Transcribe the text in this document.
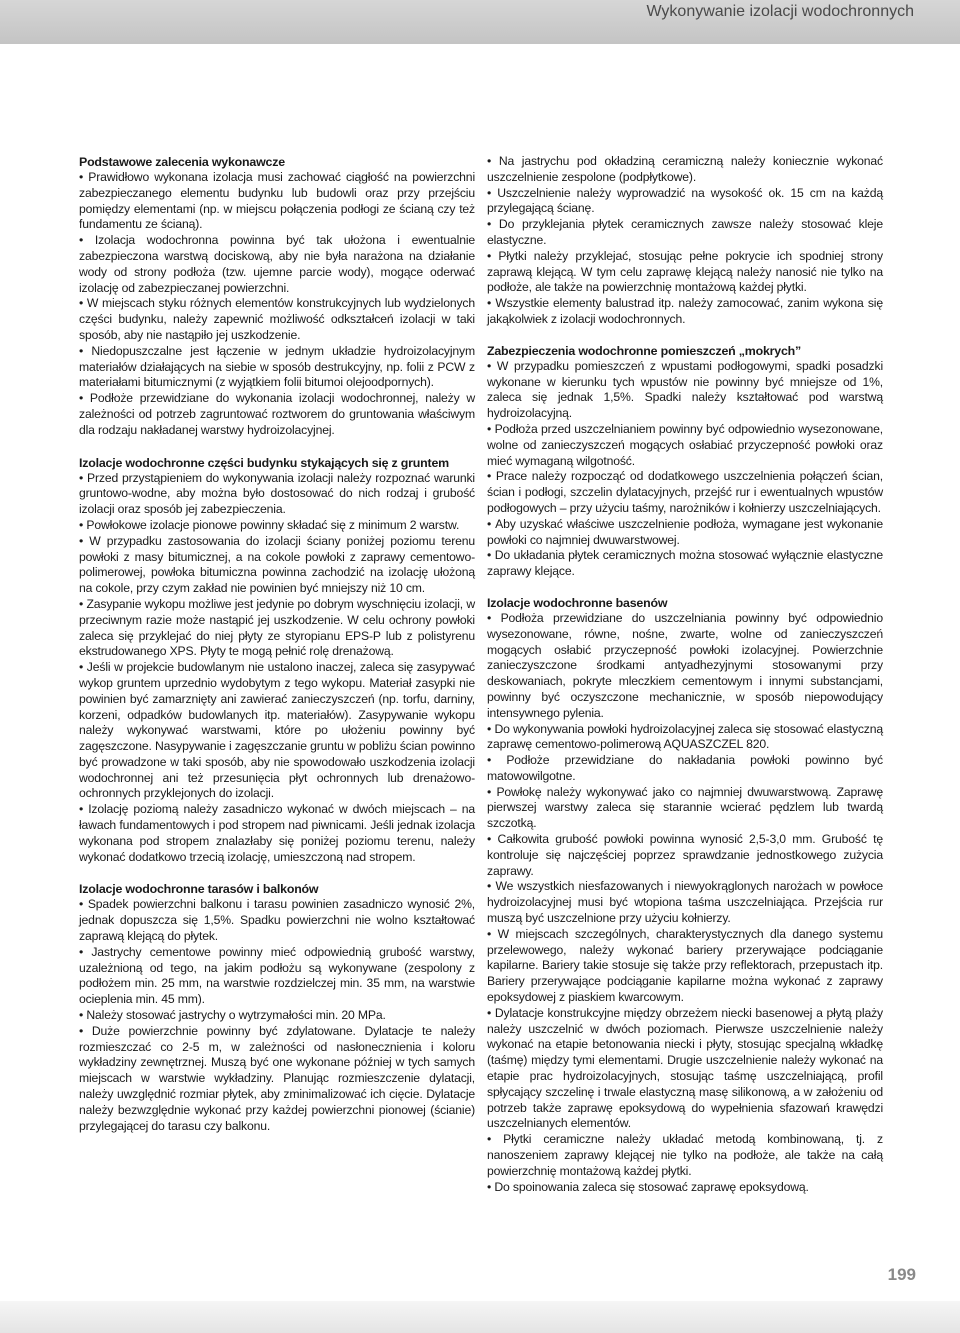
Wykonywanie izolacji wodochronnych
Podstawowe zalecenia wykonawcze
• Prawidłowo wykonana izolacja musi zachować ciągłość na powierzchni zabezpieczanego elementu budynku lub budowli oraz przy przejściu pomiędzy elementami (np. w miejscu połączenia podłogi ze ścianą czy też fundamentu ze ścianą).
• Izolacja wodochronna powinna być tak ułożona i ewentualnie zabezpieczona warstwą dociskową, aby nie była narażona na działanie wody od strony podłoża (tzw. ujemne parcie wody), mogące oderwać izolację od zabezpieczanej powierzchni.
• W miejscach styku różnych elementów konstrukcyjnych lub wydzielonych części budynku, należy zapewnić możliwość odkształceń izolacji w taki sposób, aby nie nastąpiło jej uszkodzenie.
• Niedopuszczalne jest łączenie w jednym układzie hydroizolacyjnym materiałów działających na siebie w sposób destrukcyjny, np. folii z PCW z materiałami bitumicznymi (z wyjątkiem folii bitumoi olejoodpornych).
• Podłoże przewidziane do wykonania izolacji wodochronnej, należy w zależności od potrzeb zagruntować roztworem do gruntowania właściwym dla rodzaju nakładanej warstwy hydroizolacyjnej.
Izolacje wodochronne części budynku stykających się z gruntem
• Przed przystąpieniem do wykonywania izolacji należy rozpoznać warunki gruntowo-wodne, aby można było dostosować do nich rodzaj i grubość izolacji oraz sposób jej zabezpieczenia.
• Powłokowe izolacje pionowe powinny składać się z minimum 2 warstw.
• W przypadku zastosowania do izolacji ściany poniżej poziomu terenu powłoki z masy bitumicznej, a na cokole powłoki z zaprawy cementowo-polimerowej, powłoka bitumiczna powinna zachodzić na izolację ułożoną na cokole, przy czym zakład nie powinien być mniejszy niż 10 cm.
• Zasypanie wykopu możliwe jest jedynie po dobrym wyschnięciu izolacji, w przeciwnym razie może nastąpić jej uszkodzenie. W celu ochrony powłoki zaleca się przyklejać do niej płyty ze styropianu EPS-P lub z polistyrenu ekstrudowanego XPS. Płyty te mogą pełnić rolę drenażową.
• Jeśli w projekcie budowlanym nie ustalono inaczej, zaleca się zasypywać wykop gruntem uprzednio wydobytym z tego wykopu. Materiał zasypki nie powinien być zamarznięty ani zawierać zanieczyszczeń (np. torfu, darniny, korzeni, odpadków budowlanych itp. materiałów). Zasypywanie wykopu należy wykonywać warstwami, które po ułożeniu powinny być zagęszczone. Nasypywanie i zagęszczanie gruntu w pobliżu ścian powinno być prowadzone w taki sposób, aby nie spowodowało uszkodzenia izolacji wodochronnej ani też przesunięcia płyt ochronnych lub drenażowo-ochronnych przyklejonych do izolacji.
• Izolację poziomą należy zasadniczo wykonać w dwóch miejscach – na ławach fundamentowych i pod stropem nad piwnicami. Jeśli jednak izolacja wykonana pod stropem znalazłaby się poniżej poziomu terenu, należy wykonać dodatkowo trzecią izolację, umieszczoną nad stropem.
Izolacje wodochronne tarasów i balkonów
• Spadek powierzchni balkonu i tarasu powinien zasadniczo wynosić 2%, jednak dopuszcza się 1,5%. Spadku powierzchni nie wolno kształtować zaprawą klejącą do płytek.
• Jastrychy cementowe powinny mieć odpowiednią grubość warstwy, uzależnioną od tego, na jakim podłożu są wykonywane (zespolony z podłożem min. 25 mm, na warstwie rozdzielczej min. 35 mm, na warstwie ocieplenia min. 45 mm).
• Należy stosować jastrychy o wytrzymałości min. 20 MPa.
• Duże powierzchnie powinny być zdylatowane. Dylatacje te należy rozmieszczać co 2-5 m, w zależności od nasłonecznienia i koloru wykładziny zewnętrznej. Muszą być one wykonane później w tych samych miejscach w warstwie wykładziny. Planując rozmieszczenie dylatacji, należy uwzględnić rozmiar płytek, aby zminimalizować ich cięcie. Dylatacje należy bezwzględnie wykonać przy każdej powierzchni pionowej (ścianie) przylegającej do tarasu czy balkonu.
• Na jastrychu pod okładziną ceramiczną należy koniecznie wykonać uszczelnienie zespolone (podpłytkowe).
• Uszczelnienie należy wyprowadzić na wysokość ok. 15 cm na każdą przylegającą ścianę.
• Do przyklejania płytek ceramicznych zawsze należy stosować kleje elastyczne.
• Płytki należy przyklejać, stosując pełne pokrycie ich spodniej strony zaprawą klejącą. W tym celu zaprawę klejącą należy nanosić nie tylko na podłoże, ale także na powierzchnię montażową każdej płytki.
• Wszystkie elementy balustrad itp. należy zamocować, zanim wykona się jakąkolwiek z izolacji wodochronnych.
Zabezpieczenia wodochronne pomieszczeń „mokrych”
• W przypadku pomieszczeń z wpustami podłogowymi, spadki posadzki wykonane w kierunku tych wpustów nie powinny być mniejsze od 1%, zaleca się jednak 1,5%. Spadki należy kształtować pod warstwą hydroizolacyjną.
• Podłoża przed uszczelnianiem powinny być odpowiednio wysezonowane, wolne od zanieczyszczeń mogących osłabiać przyczepność powłoki oraz mieć wymaganą wilgotność.
• Prace należy rozpocząć od dodatkowego uszczelnienia połączeń ścian, ścian i podłogi, szczelin dylatacyjnych, przejść rur i ewentualnych wpustów podłogowych – przy użyciu taśmy, narożników i kołnierzy uszczelniających.
• Aby uzyskać właściwe uszczelnienie podłoża, wymagane jest wykonanie powłoki co najmniej dwuwarstwowej.
• Do układania płytek ceramicznych można stosować wyłącznie elastyczne zaprawy klejące.
Izolacje wodochronne basenów
• Podłoża przewidziane do uszczelniania powinny być odpowiednio wysezonowane, równe, nośne, zwarte, wolne od zanieczyszczeń mogących osłabić przyczepność powłoki izolacyjnej. Powierzchnie zanieczyszczone środkami antyadhezyjnymi stosowanymi przy deskowaniach, pokryte mleczkiem cementowym i innymi substancjami, powinny być oczyszczone mechanicznie, w sposób niepowodujący intensywnego pylenia.
• Do wykonywania powłoki hydroizolacyjnej zaleca się stosować elastyczną zaprawę cementowo-polimerową AQUASZCZEL 820.
• Podłoże przewidziane do nakładania powłoki powinno być matowowilgotne.
• Powłokę należy wykonywać jako co najmniej dwuwarstwową. Zaprawę pierwszej warstwy zaleca się starannie wcierać pędzlem lub twardą szczotką.
• Całkowita grubość powłoki powinna wynosić 2,5-3,0 mm. Grubość tę kontroluje się najczęściej poprzez sprawdzanie jednostkowego zużycia zaprawy.
• We wszystkich niesfazowanych i niewyokrąglonych narożach w powłoce hydroizolacyjnej musi być wtopiona taśma uszczelniająca. Przejścia rur muszą być uszczelnione przy użyciu kołnierzy.
• W miejscach szczególnych, charakterystycznych dla danego systemu przelewowego, należy wykonać bariery przerywające podciąganie kapilarne. Bariery takie stosuje się także przy reflektorach, przepustach itp. Bariery przerywające podciąganie kapilarne można wykonać z zaprawy epoksydowej z piaskiem kwarcowym.
• Dylatacje konstrukcyjne między obrzeżem niecki basenowej a płytą plaży należy uszczelnić w dwóch poziomach. Pierwsze uszczelnienie należy wykonać na etapie betonowania niecki i płyty, stosując specjalną wkładkę (taśmę) między tymi elementami. Drugie uszczelnienie należy wykonać na etapie prac hydroizolacyjnych, stosując taśmę uszczelniającą, profil spłycający szczelinę i trwale elastyczną masę silikonową, a w założeniu od potrzeb także zaprawę epoksydową do wypełnienia sfazowań krawędzi uszczelnianych elementów.
• Płytki ceramiczne należy układać metodą kombinowaną, tj. z nanoszeniem zaprawy klejącej nie tylko na podłoże, ale także na całą powierzchnię montażową każdej płytki.
• Do spoinowania zaleca się stosować zaprawę epoksydową.
199
